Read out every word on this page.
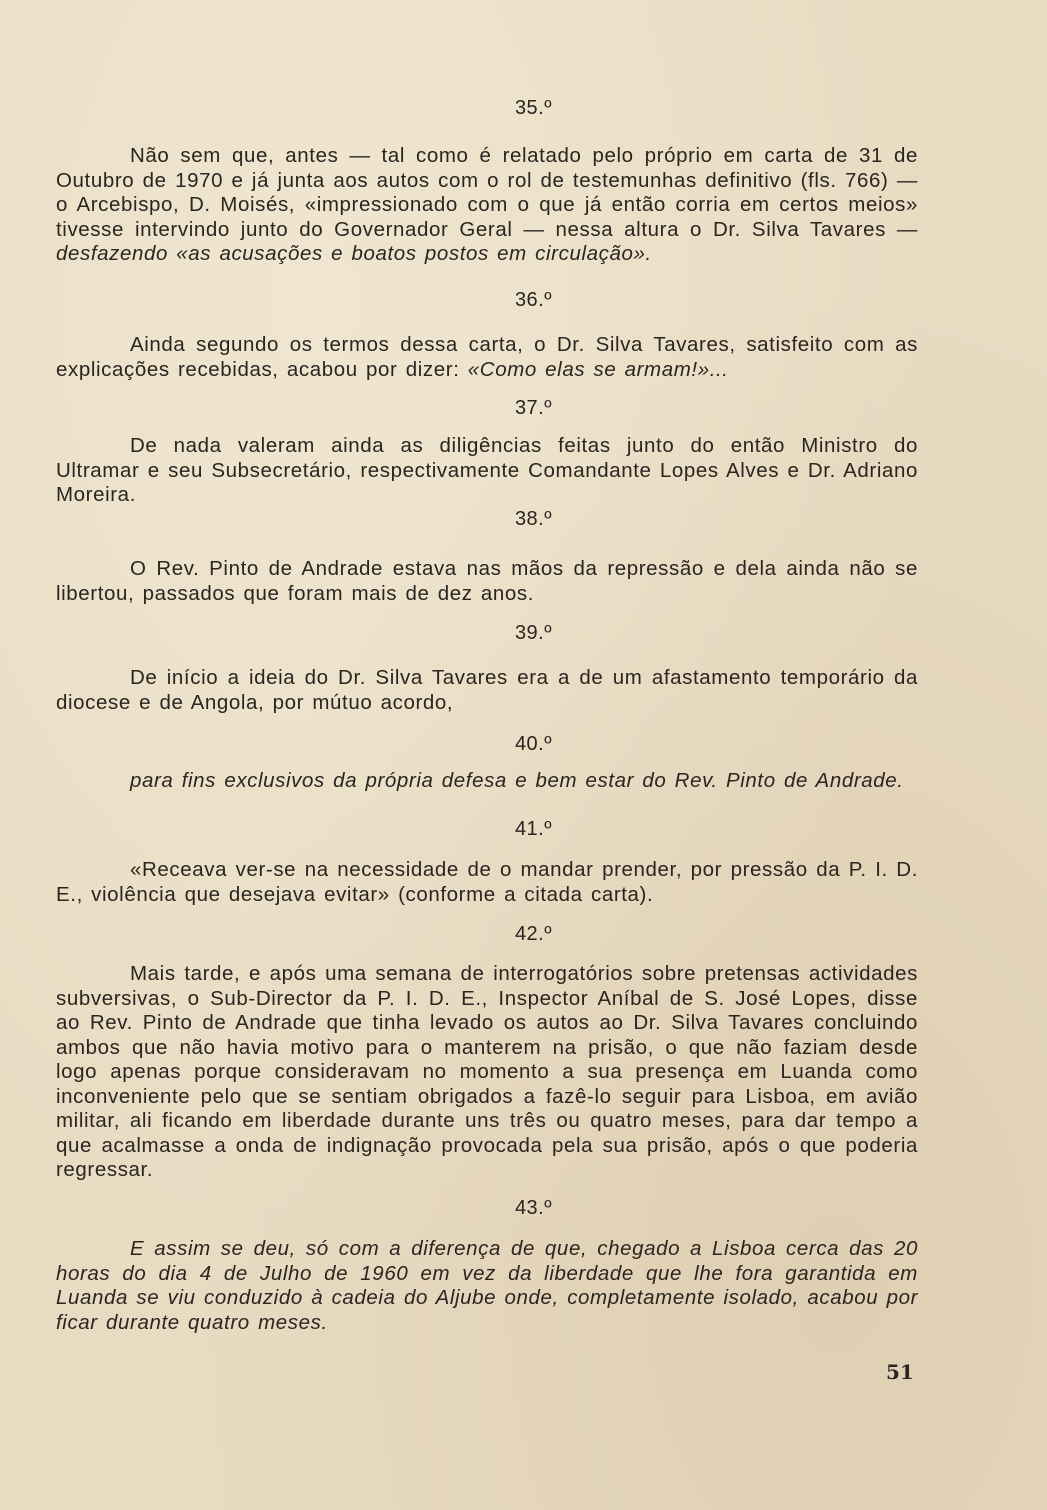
35.º
Não sem que, antes — tal como é relatado pelo próprio em carta de 31 de Outubro de 1970 e já junta aos autos com o rol de testemunhas definitivo (fls. 766) — o Arcebispo, D. Moisés, «impressionado com o que já então corria em certos meios» tivesse intervindo junto do Governador Geral — nessa altura o Dr. Silva Tavares — desfazendo «as acusações e boatos postos em circulação».
36.º
Ainda segundo os termos dessa carta, o Dr. Silva Tavares, satisfeito com as explicações recebidas, acabou por dizer: «Como elas se armam!»...
37.º
De nada valeram ainda as diligências feitas junto do então Ministro do Ultramar e seu Subsecretário, respectivamente Comandante Lopes Alves e Dr. Adriano Moreira.
38.º
O Rev. Pinto de Andrade estava nas mãos da repressão e dela ainda não se libertou, passados que foram mais de dez anos.
39.º
De início a ideia do Dr. Silva Tavares era a de um afastamento temporário da diocese e de Angola, por mútuo acordo,
40.º
para fins exclusivos da própria defesa e bem estar do Rev. Pinto de Andrade.
41.º
«Receava ver-se na necessidade de o mandar prender, por pressão da P. I. D. E., violência que desejava evitar» (conforme a citada carta).
42.º
Mais tarde, e após uma semana de interrogatórios sobre pretensas actividades subversivas, o Sub-Director da P. I. D. E., Inspector Aníbal de S. José Lopes, disse ao Rev. Pinto de Andrade que tinha levado os autos ao Dr. Silva Tavares concluindo ambos que não havia motivo para o manterem na prisão, o que não faziam desde logo apenas porque consideravam no momento a sua presença em Luanda como inconveniente pelo que se sentiam obrigados a fazê-lo seguir para Lisboa, em avião militar, ali ficando em liberdade durante uns três ou quatro meses, para dar tempo a que acalmasse a onda de indignação provocada pela sua prisão, após o que poderia regressar.
43.º
E assim se deu, só com a diferença de que, chegado a Lisboa cerca das 20 horas do dia 4 de Julho de 1960 em vez da liberdade que lhe fora garantida em Luanda se viu conduzido à cadeia do Aljube onde, completamente isolado, acabou por ficar durante quatro meses.
51
